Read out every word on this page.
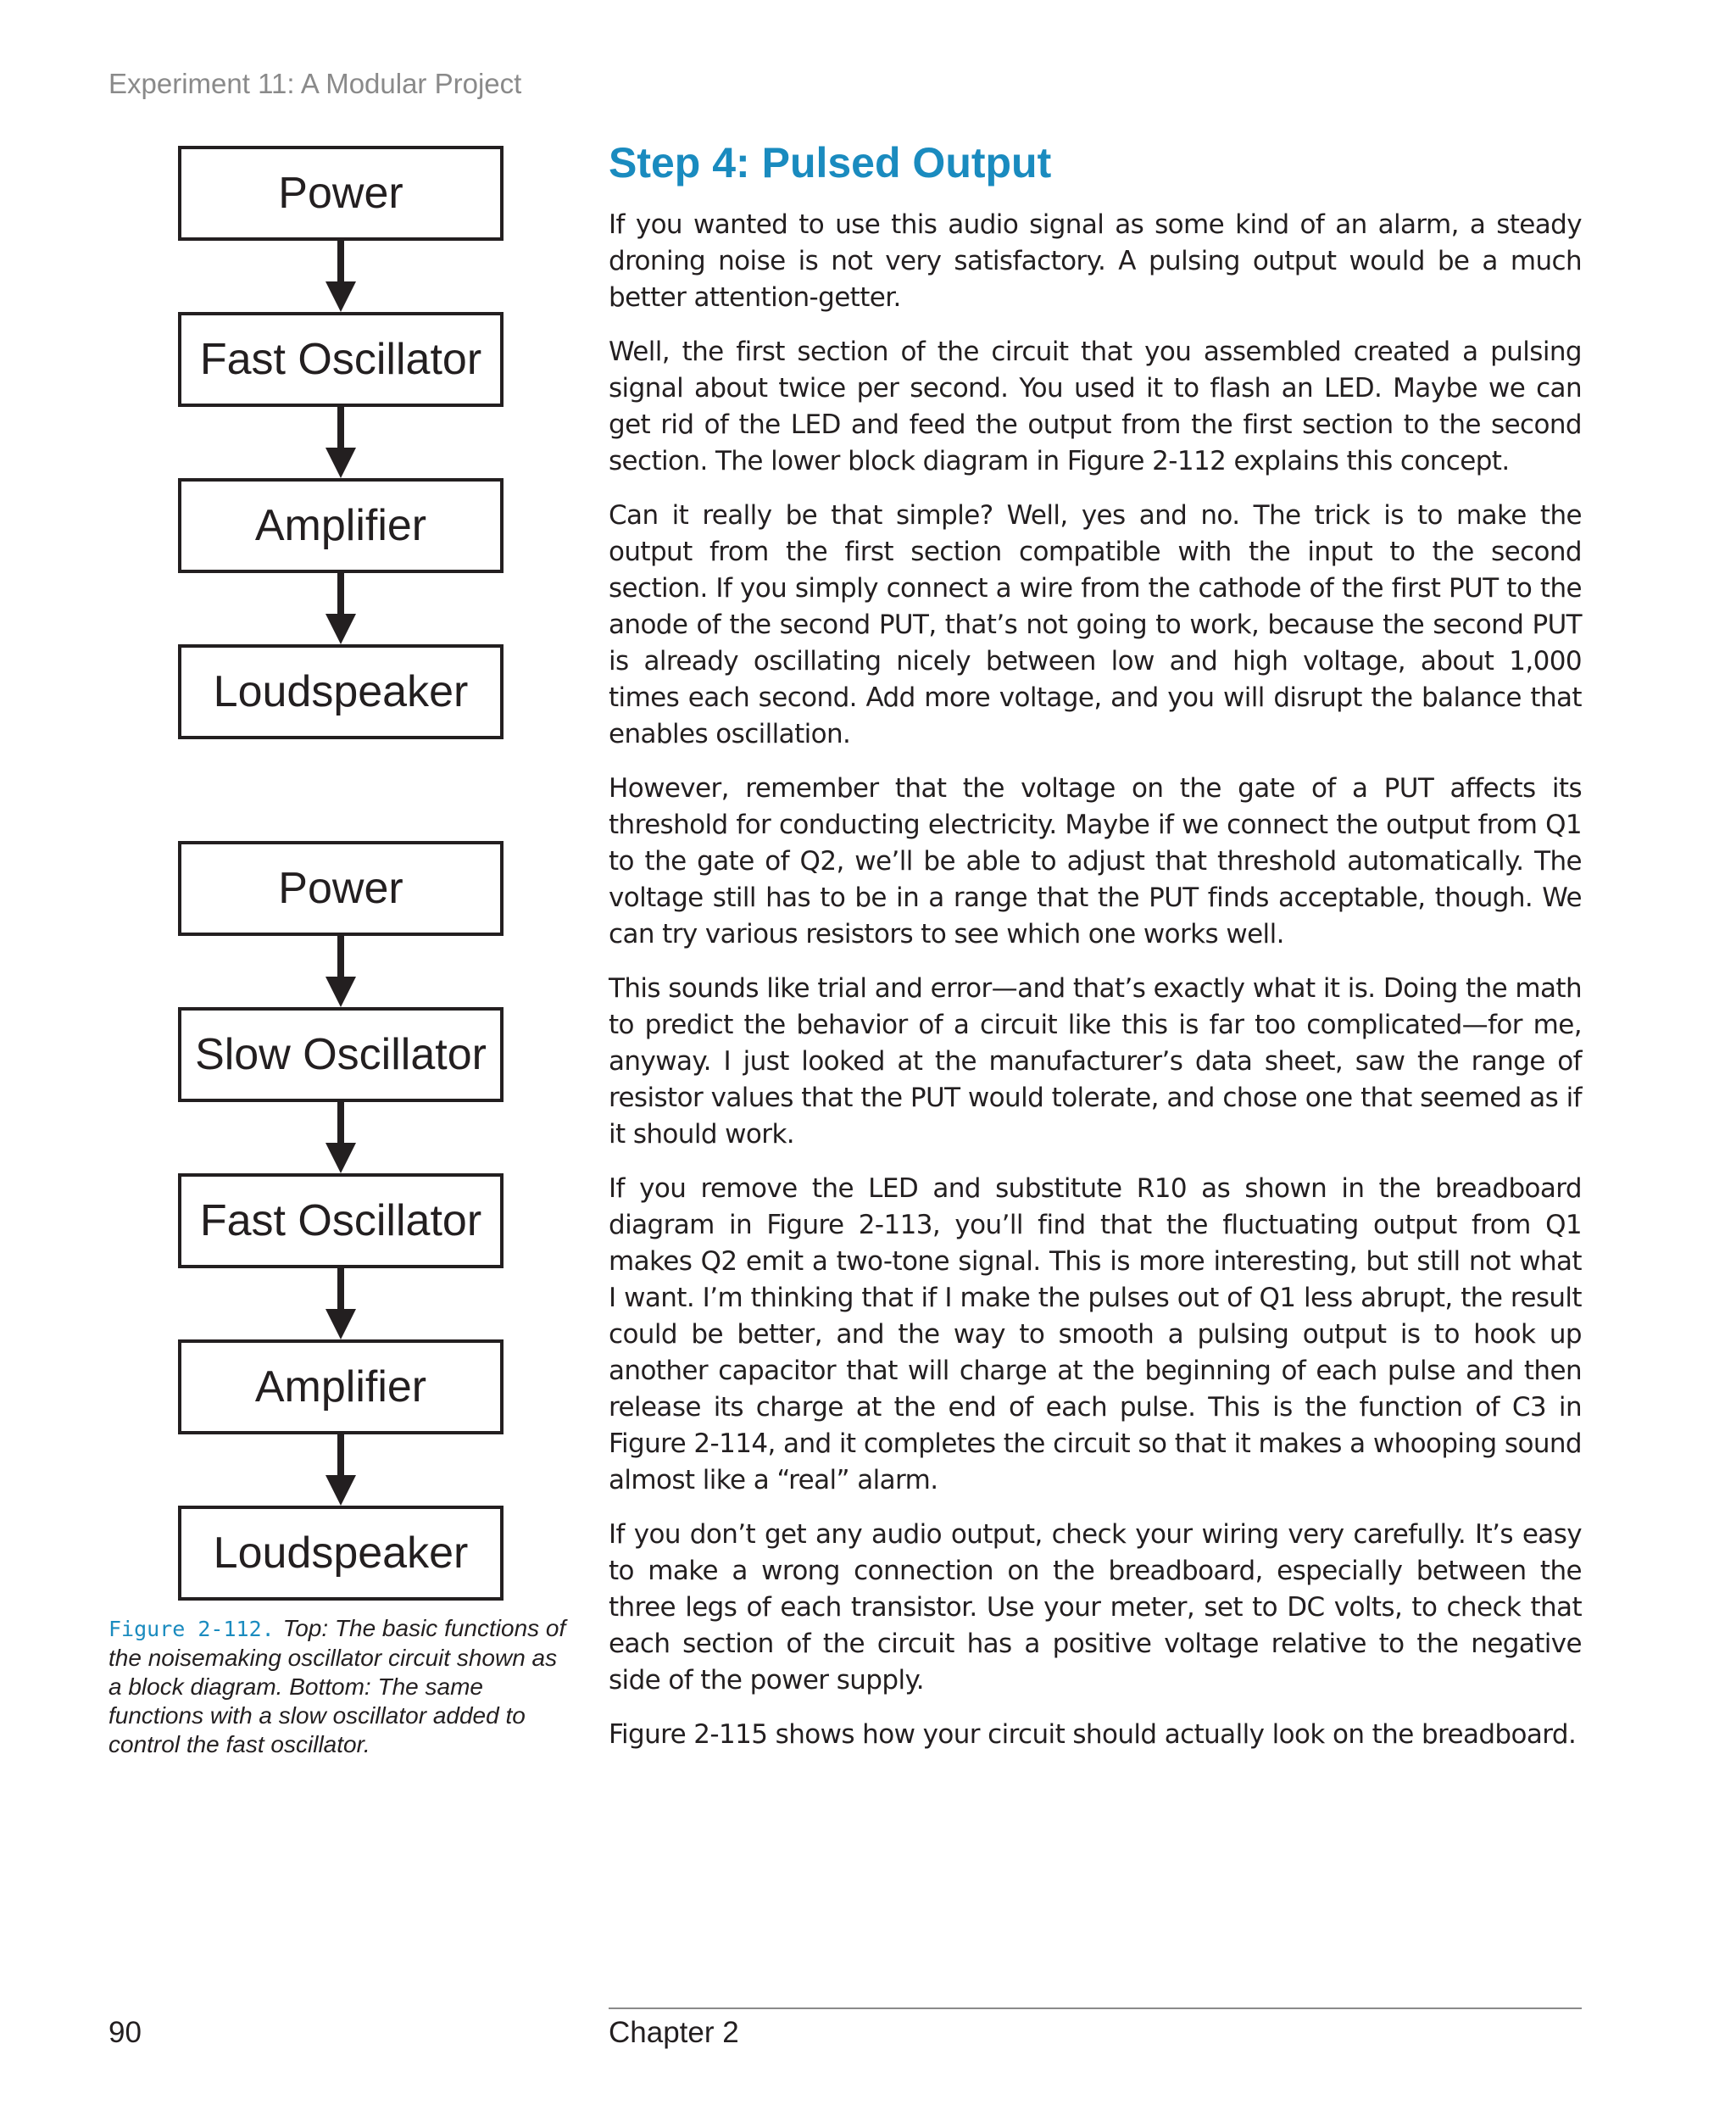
Experiment 11: A Modular Project
Power
Fast Oscillator
Amplifier
Loudspeaker
Power
Slow Oscillator
Fast Oscillator
Amplifier
Loudspeaker
Figure 2-112. Top: The basic functions of the noisemaking oscillator circuit shown as a block diagram. Bottom: The same functions with a slow oscillator added to control the fast oscillator.
Step 4: Pulsed Output

If you wanted to use this audio signal as some kind of an alarm, a steady droning noise is not very satisfactory. A pulsing output would be a much better attention-getter.

Well, the first section of the circuit that you assembled created a pulsing signal about twice per second. You used it to flash an LED. Maybe we can get rid of the LED and feed the output from the first section to the second section. The lower block diagram in Figure 2-112 explains this concept.

Can it really be that simple? Well, yes and no. The trick is to make the output from the first section compatible with the input to the second section. If you simply connect a wire from the cathode of the first PUT to the anode of the second PUT, that’s not going to work, because the second PUT is already oscillating nicely between low and high voltage, about 1,000 times each second. Add more voltage, and you will disrupt the balance that enables oscillation.

However, remember that the voltage on the gate of a PUT affects its threshold for conducting electricity. Maybe if we connect the output from Q1 to the gate of Q2, we’ll be able to adjust that threshold automatically. The voltage still has to be in a range that the PUT finds acceptable, though. We can try various resistors to see which one works well.

This sounds like trial and error—and that’s exactly what it is. Doing the math to predict the behavior of a circuit like this is far too complicated—for me, anyway. I just looked at the manufacturer’s data sheet, saw the range of resistor values that the PUT would tolerate, and chose one that seemed as if it should work.

If you remove the LED and substitute R10 as shown in the breadboard diagram in Figure 2-113, you’ll find that the fluctuating output from Q1 makes Q2 emit a two-tone signal. This is more interesting, but still not what I want. I’m thinking that if I make the pulses out of Q1 less abrupt, the result could be better, and the way to smooth a pulsing output is to hook up another capacitor that will charge at the beginning of each pulse and then release its charge at the end of each pulse. This is the function of C3 in Figure 2-114, and it completes the circuit so that it makes a whooping sound almost like a “real” alarm.

If you don’t get any audio output, check your wiring very carefully. It’s easy to make a wrong connection on the breadboard, especially between the three legs of each transistor. Use your meter, set to DC volts, to check that each section of the circuit has a positive voltage relative to the negative side of the power supply.

Figure 2-115 shows how your circuit should actually look on the breadboard.

90	Chapter 2
